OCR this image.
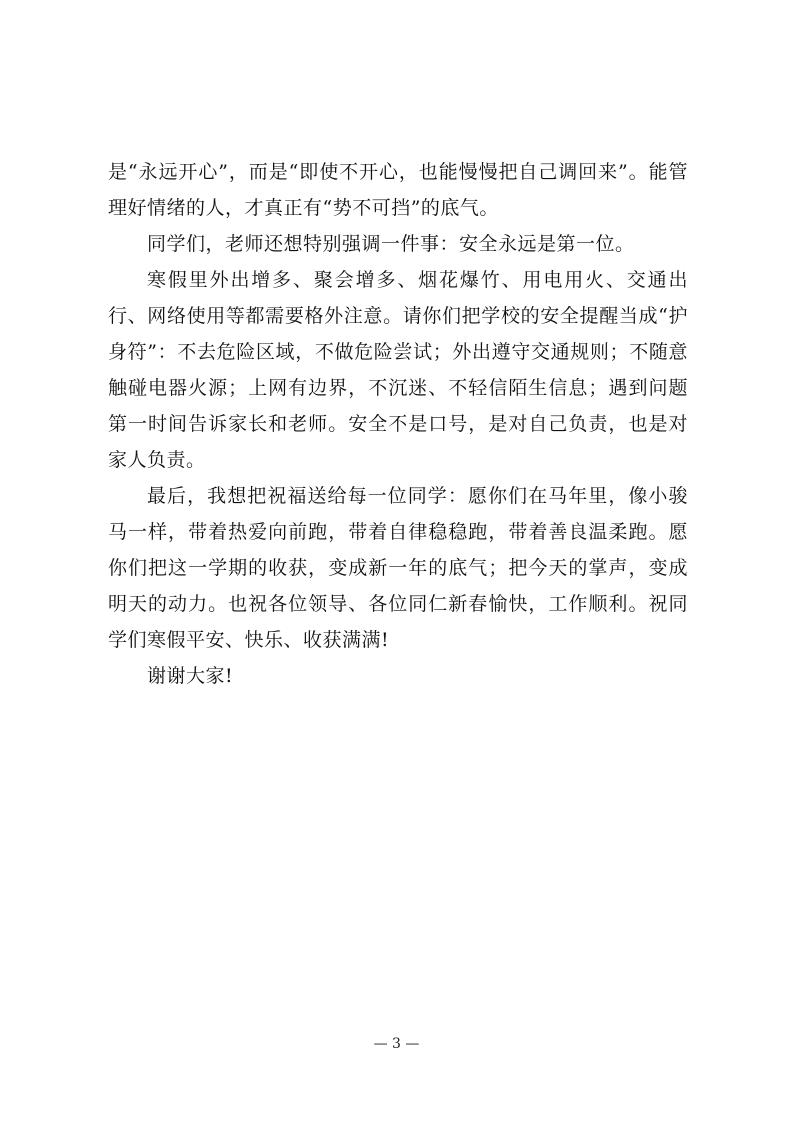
是“永远开心”，而是“即使不开心，也能慢慢把自己调回来”。能管理好情绪的人，才真正有“势不可挡”的底气。

同学们，老师还想特别强调一件事：安全永远是第一位。

寒假里外出增多、聚会增多、烟花爆竹、用电用火、交通出行、网络使用等都需要格外注意。请你们把学校的安全提醒当成“护身符”：不去危险区域，不做危险尝试；外出遵守交通规则；不随意触碰电器火源；上网有边界，不沉迷、不轻信陌生信息；遇到问题第一时间告诉家长和老师。安全不是口号，是对自己负责，也是对家人负责。

最后，我想把祝福送给每一位同学：愿你们在马年里，像小骏马一样，带着热爱向前跑，带着自律稳稳跑，带着善良温柔跑。愿你们把这一学期的收获，变成新一年的底气；把今天的掌声，变成明天的动力。也祝各位领导、各位同仁新春愉快，工作顺利。祝同学们寒假平安、快乐、收获满满!

谢谢大家!

— 3 —
